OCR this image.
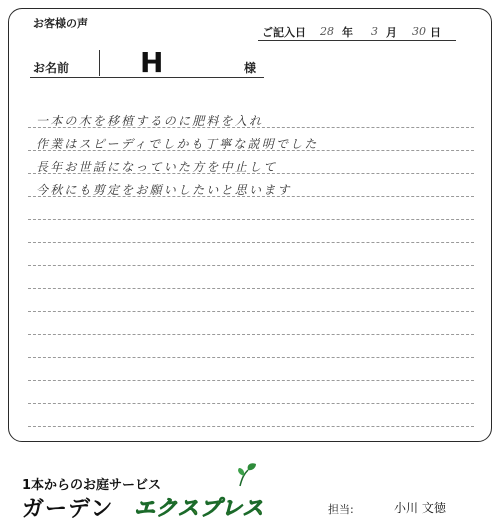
お客様の声
ご記入日 28 年 3 月 30 日
お名前	H	様
一本の木を移植するのに肥料を入れ
作業はスピーディでしかも丁寧な説明でした
長年お世話になっていた方を中止して
今秋にも剪定をお願いしたいと思います
1本からのお庭サービス
ガーデン エクスプレス	担当:	小川 文徳
